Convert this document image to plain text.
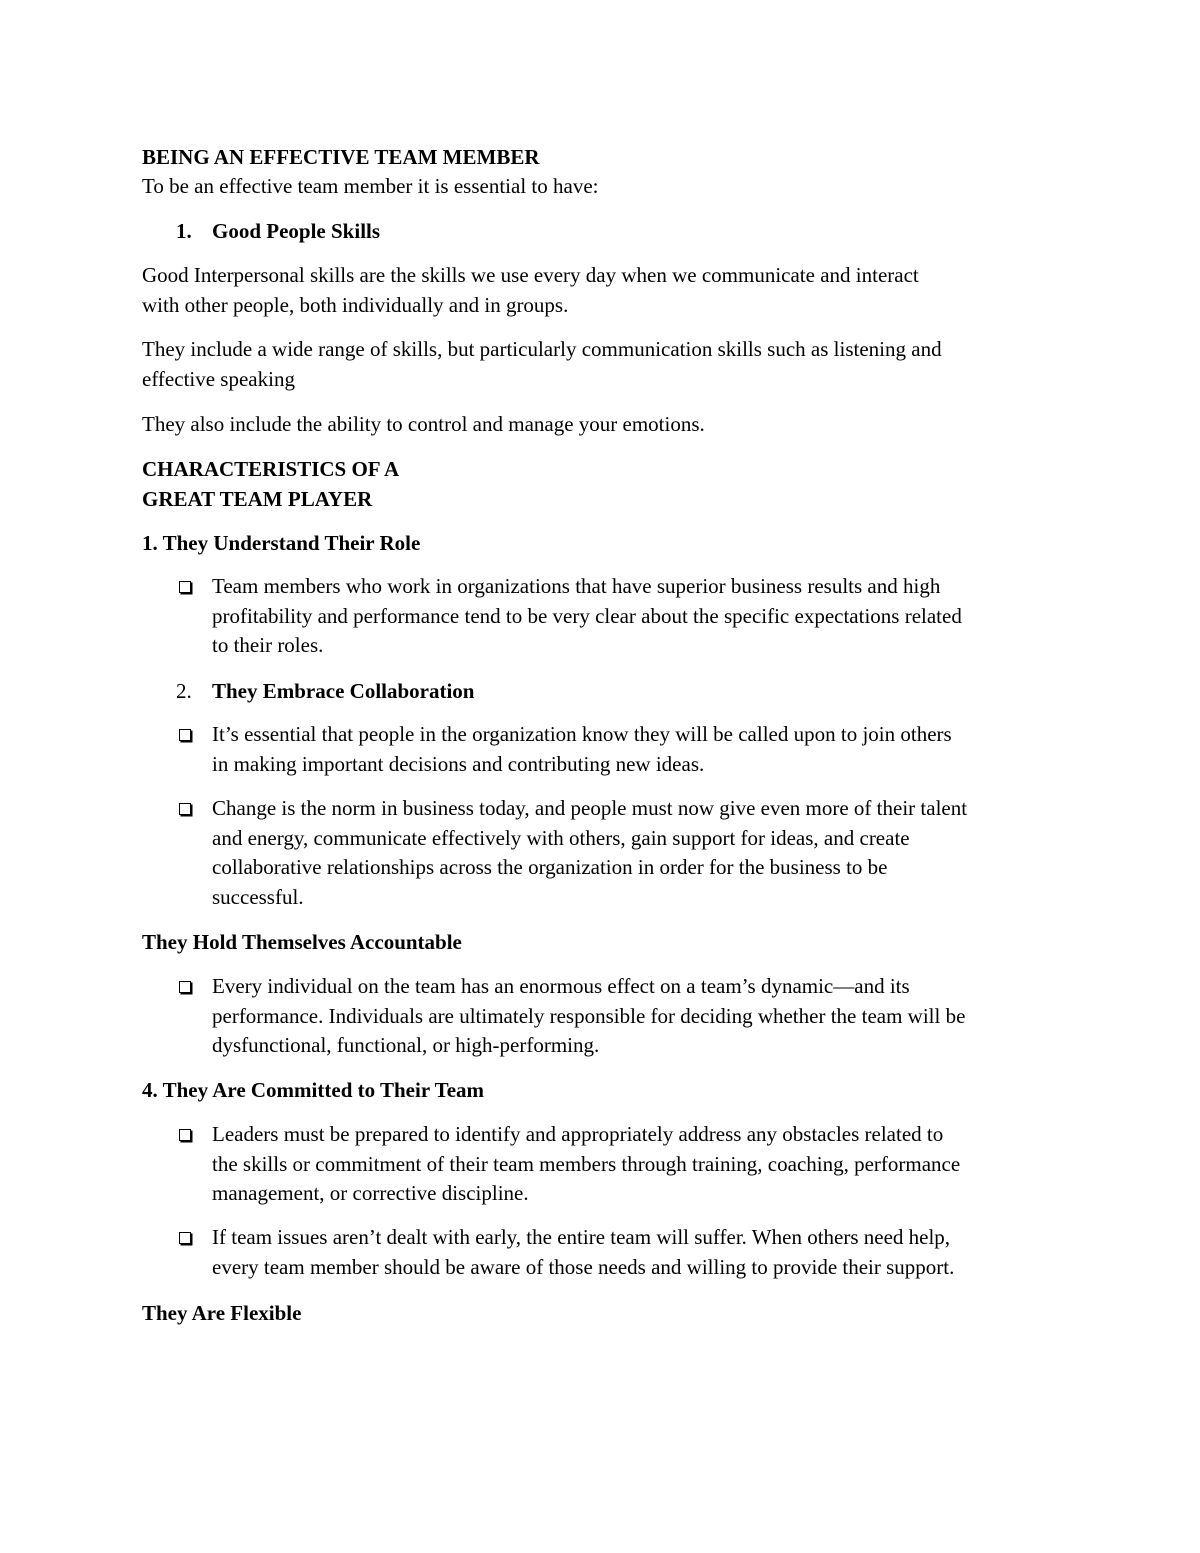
BEING AN EFFECTIVE TEAM MEMBER
To be an effective team member it is essential to have:
1. Good People Skills
Good Interpersonal skills are the skills we use every day when we communicate and interact
with other people, both individually and in groups.
They include a wide range of skills, but particularly communication skills such as listening and
effective speaking
They also include the ability to control and manage your emotions.
CHARACTERISTICS OF A
GREAT TEAM PLAYER
1. They Understand Their Role
Team members who work in organizations that have superior business results and high
profitability and performance tend to be very clear about the specific expectations related
to their roles.
2. They Embrace Collaboration
It’s essential that people in the organization know they will be called upon to join others
in making important decisions and contributing new ideas.
Change is the norm in business today, and people must now give even more of their talent
and energy, communicate effectively with others, gain support for ideas, and create
collaborative relationships across the organization in order for the business to be
successful.
They Hold Themselves Accountable
Every individual on the team has an enormous effect on a team’s dynamic—and its
performance. Individuals are ultimately responsible for deciding whether the team will be
dysfunctional, functional, or high-performing.
4. They Are Committed to Their Team
Leaders must be prepared to identify and appropriately address any obstacles related to
the skills or commitment of their team members through training, coaching, performance
management, or corrective discipline.
If team issues aren’t dealt with early, the entire team will suffer. When others need help,
every team member should be aware of those needs and willing to provide their support.
They Are Flexible
